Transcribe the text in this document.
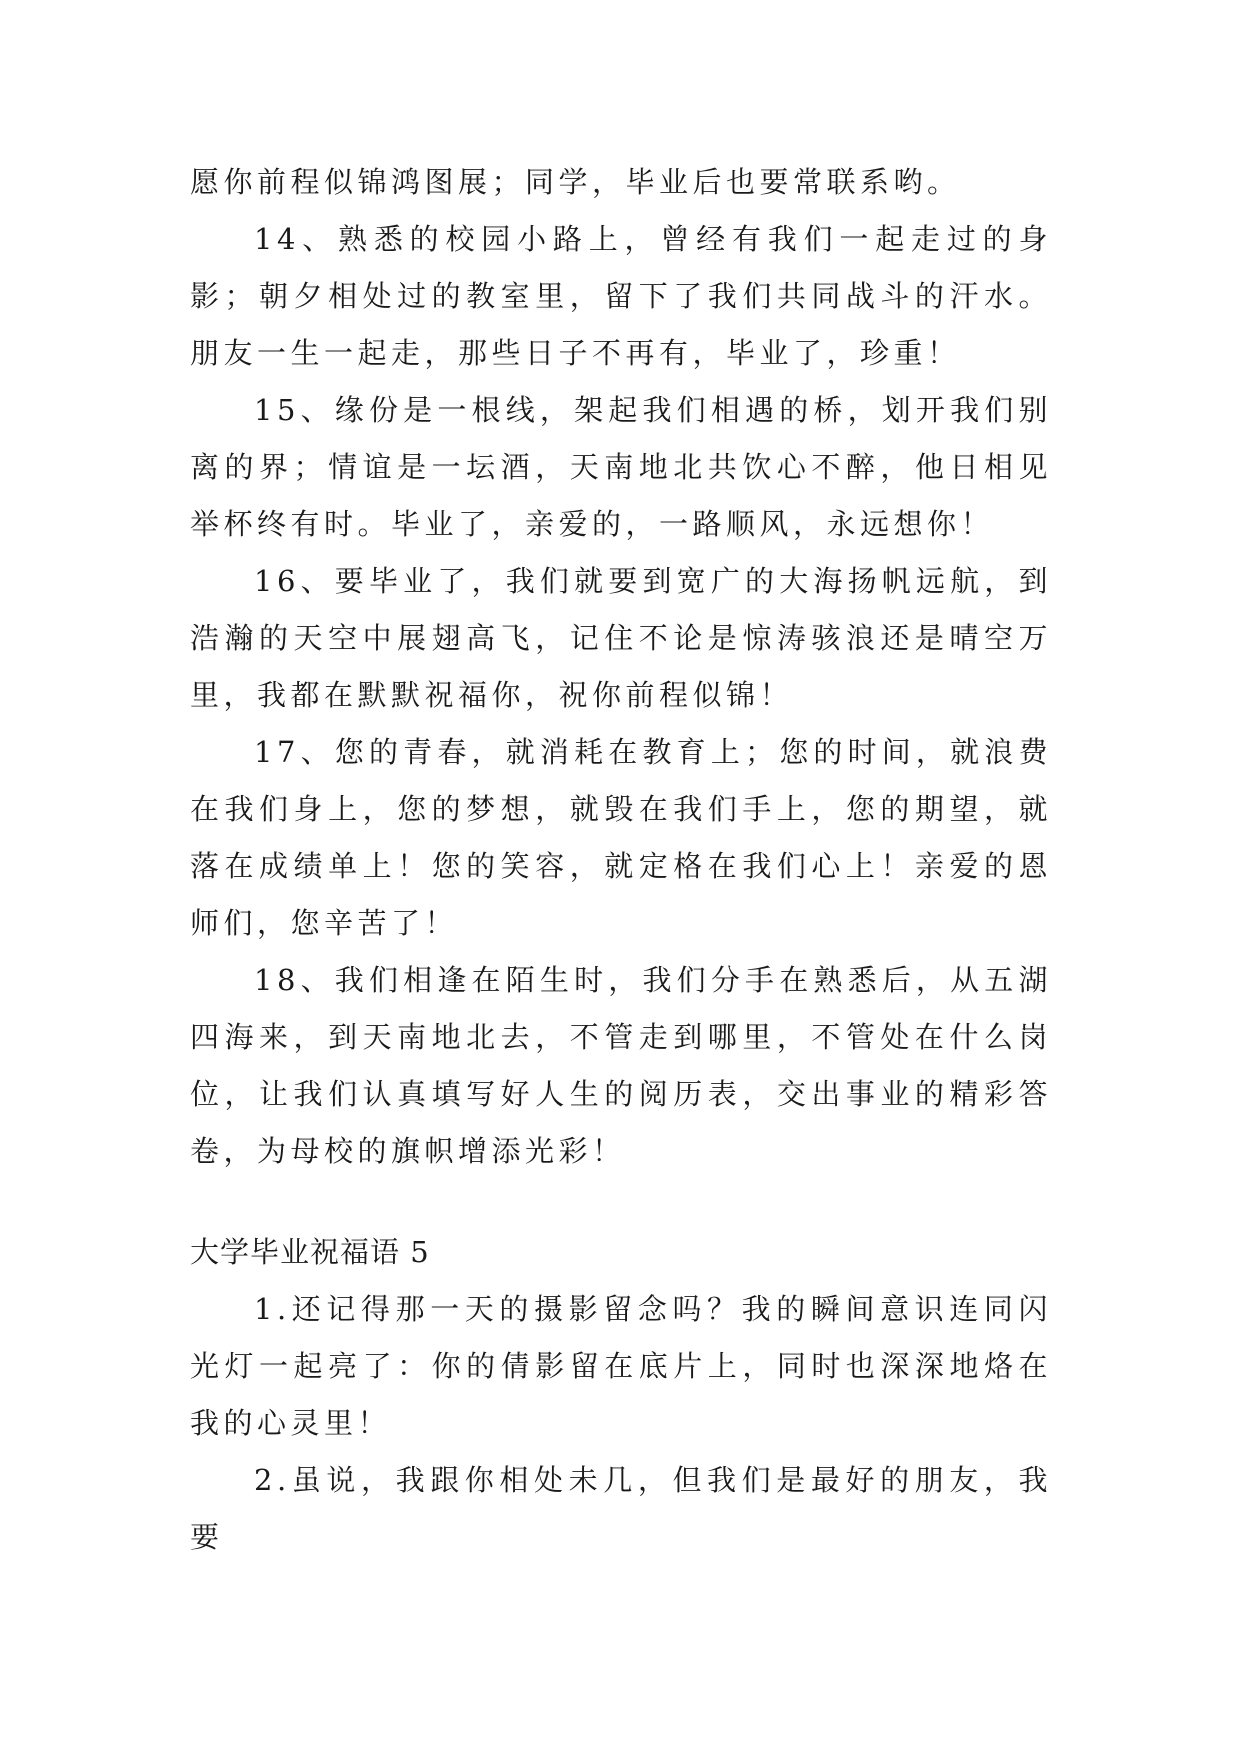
愿你前程似锦鸿图展；同学，毕业后也要常联系哟。

14、熟悉的校园小路上，曾经有我们一起走过的身影；朝夕相处过的教室里，留下了我们共同战斗的汗水。朋友一生一起走，那些日子不再有，毕业了，珍重！

15、缘份是一根线，架起我们相遇的桥，划开我们别离的界；情谊是一坛酒，天南地北共饮心不醉，他日相见举杯终有时。毕业了，亲爱的，一路顺风，永远想你！

16、要毕业了，我们就要到宽广的大海扬帆远航，到浩瀚的天空中展翅高飞，记住不论是惊涛骇浪还是晴空万里，我都在默默祝福你，祝你前程似锦！

17、您的青春，就消耗在教育上；您的时间，就浪费在我们身上，您的梦想，就毁在我们手上，您的期望，就落在成绩单上！您的笑容，就定格在我们心上！亲爱的恩师们，您辛苦了！

18、我们相逢在陌生时，我们分手在熟悉后，从五湖四海来，到天南地北去，不管走到哪里，不管处在什么岗位，让我们认真填写好人生的阅历表，交出事业的精彩答卷，为母校的旗帜增添光彩！

大学毕业祝福语 5

1.还记得那一天的摄影留念吗？我的瞬间意识连同闪光灯一起亮了：你的倩影留在底片上，同时也深深地烙在我的心灵里！

2.虽说，我跟你相处未几，但我们是最好的朋友，我要
